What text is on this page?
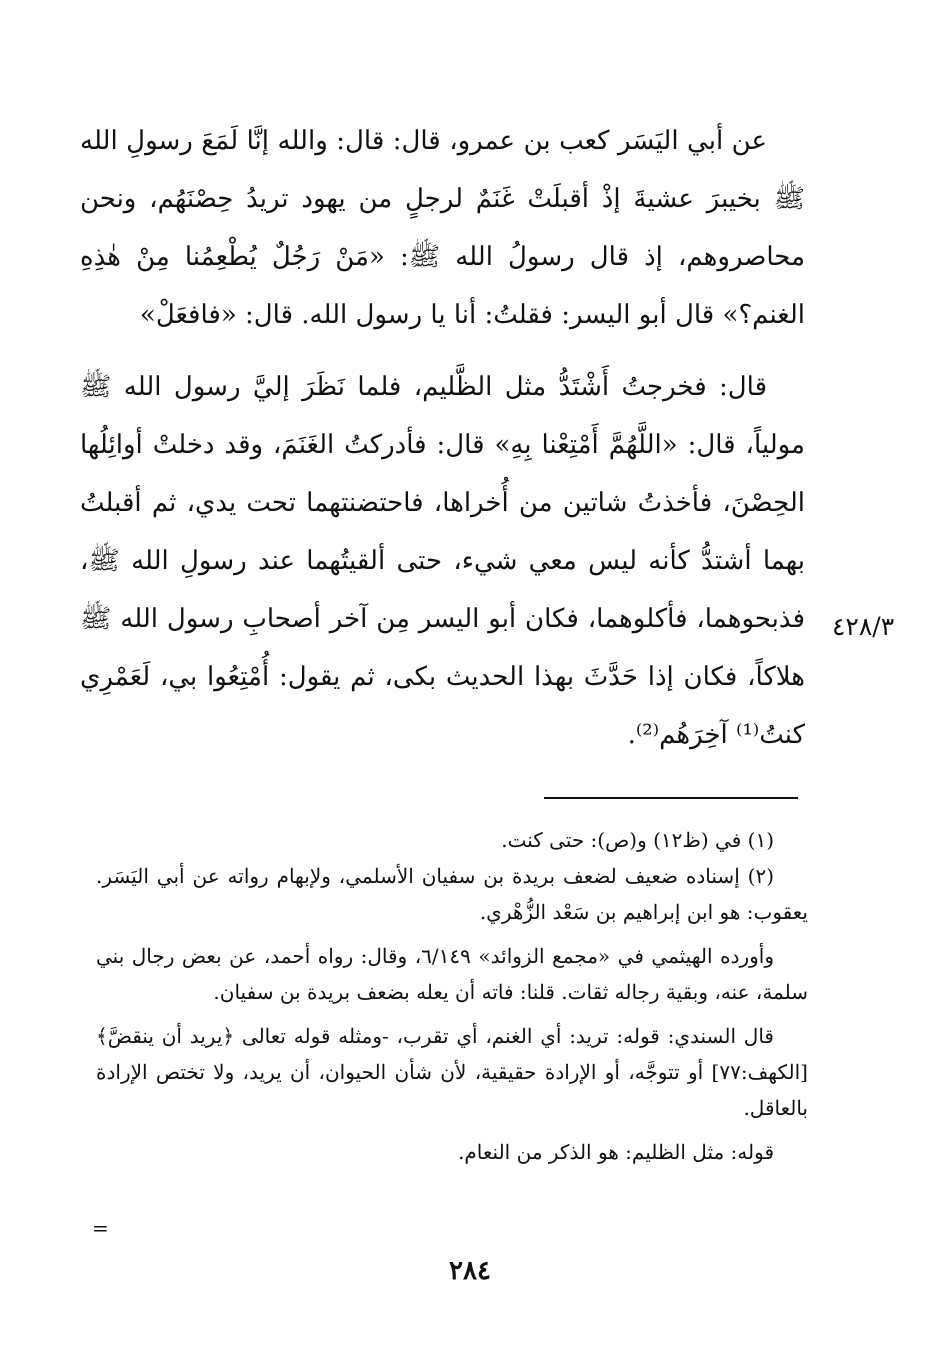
عن أبي اليَسَر كعب بن عمرو، قال: قال: والله إنَّا لَمَعَ رسولِ الله ﷺ بخيبرَ عشيةَ إذْ أقبلَتْ غَنَمٌ لرجلٍ من يهود تريدُ حِصْنَهُم، ونحن محاصروهم، إذ قال رسولُ الله ﷺ: «مَنْ رَجُلٌ يُطْعِمُنا مِنْ هٰذِهِ الغنم؟» قال أبو اليسر: فقلتُ: أنا يا رسول الله. قال: «فافعَلْ»

قال: فخرجتُ أَشْتَدُّ مثل الظَّليم، فلما نَظَرَ إليَّ رسول الله ﷺ مولياً، قال: «اللَّهُمَّ أَمْتِعْنا بِهِ» قال: فأدركتُ الغَنَمَ، وقد دخلتْ أوائِلُها الحِصْنَ، فأخذتُ شاتين من أُخراها، فاحتضنتهما تحت يدي، ثم أقبلتُ بهما أشتدُّ كأنه ليس معي شيء، حتى ألقيتُهما عند رسولِ الله ﷺ، فذبحوهما، فأكلوهما، فكان أبو اليسر مِن آخر أصحابِ رسول الله ﷺ هلاكاً، فكان إذا حَدَّثَ بهذا الحديث بكى، ثم يقول: أُمْتِعُوا بي، لَعَمْرِي كنتُ⁽¹⁾ آخِرَهُم⁽²⁾.

٤٢٨/٣

(١) في (ظ١٢) و(ص): حتى كنت.

(٢) إسناده ضعيف لضعف بريدة بن سفيان الأسلمي، ولإبهام رواته عن أبي اليَسَر. يعقوب: هو ابن إبراهيم بن سَعْد الزُّهْري.

وأورده الهيثمي في «مجمع الزوائد» ٦/١٤٩، وقال: رواه أحمد، عن بعض رجال بني سلمة، عنه، وبقية رجاله ثقات. قلنا: فاته أن يعله بضعف بريدة بن سفيان.

قال السندي: قوله: تريد: أي الغنم، أي تقرب، -ومثله قوله تعالى ﴿يريد أن ينقضَّ﴾ [الكهف:٧٧] أو تتوجَّه، أو الإرادة حقيقية، لأن شأن الحيوان، أن يريد، ولا تختص الإرادة بالعاقل.

قوله: مثل الظليم: هو الذكر من النعام.

=
٢٨٤
